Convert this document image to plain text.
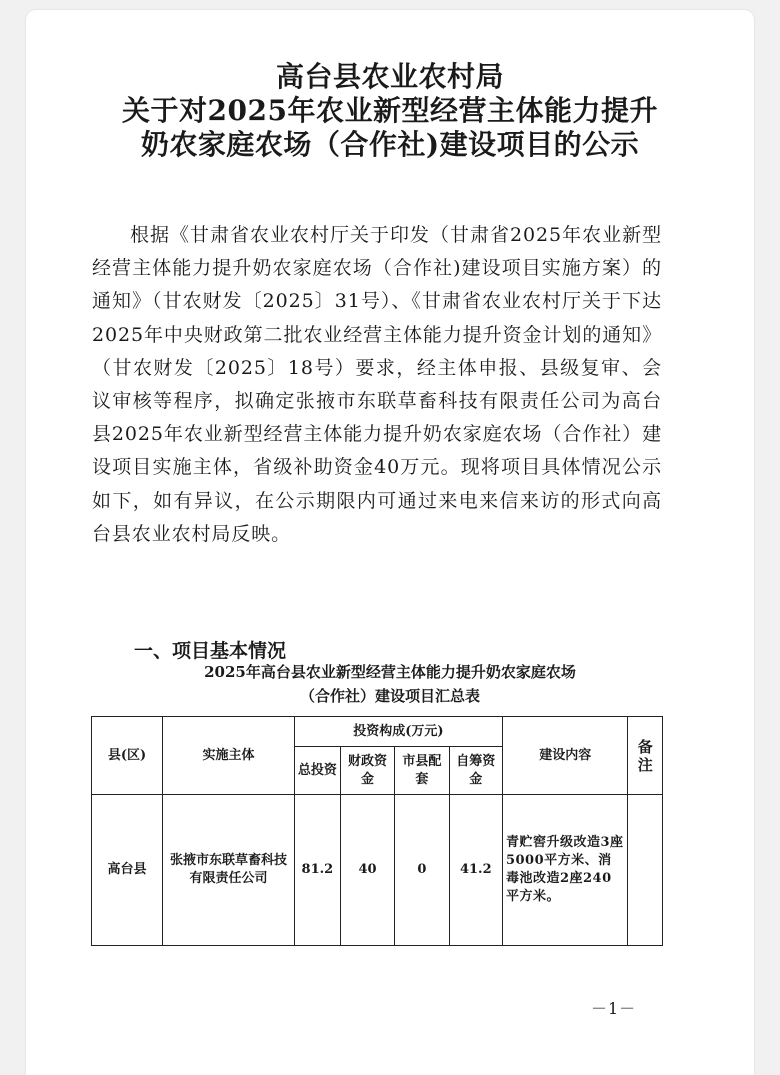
高台县农业农村局
关于对2025年农业新型经营主体能力提升
奶农家庭农场（合作社)建设项目的公示

根据《甘肃省农业农村厅关于印发（甘肃省2025年农业新型经营主体能力提升奶农家庭农场（合作社)建设项目实施方案）的通知》（甘农财发〔2025〕31号）、《甘肃省农业农村厅关于下达2025年中央财政第二批农业经营主体能力提升资金计划的通知》（甘农财发〔2025〕18号）要求，经主体申报、县级复审、会议审核等程序，拟确定张掖市东联草畜科技有限责任公司为高台县2025年农业新型经营主体能力提升奶农家庭农场（合作社）建设项目实施主体，省级补助资金40万元。现将项目具体情况公示如下，如有异议，在公示期限内可通过来电来信来访的形式向高台县农业农村局反映。

一、项目基本情况
2025年高台县农业新型经营主体能力提升奶农家庭农场
（合作社）建设项目汇总表
县(区)	实施主体	投资构成(万元)				建设内容	备注
		总投资	财政资金	市县配套	自筹资金		
高台县	张掖市东联草畜科技有限责任公司	81.2	40	0	41.2	青贮窖升级改造3座5000平方米、消毒池改造2座240平方米。	
－1－
